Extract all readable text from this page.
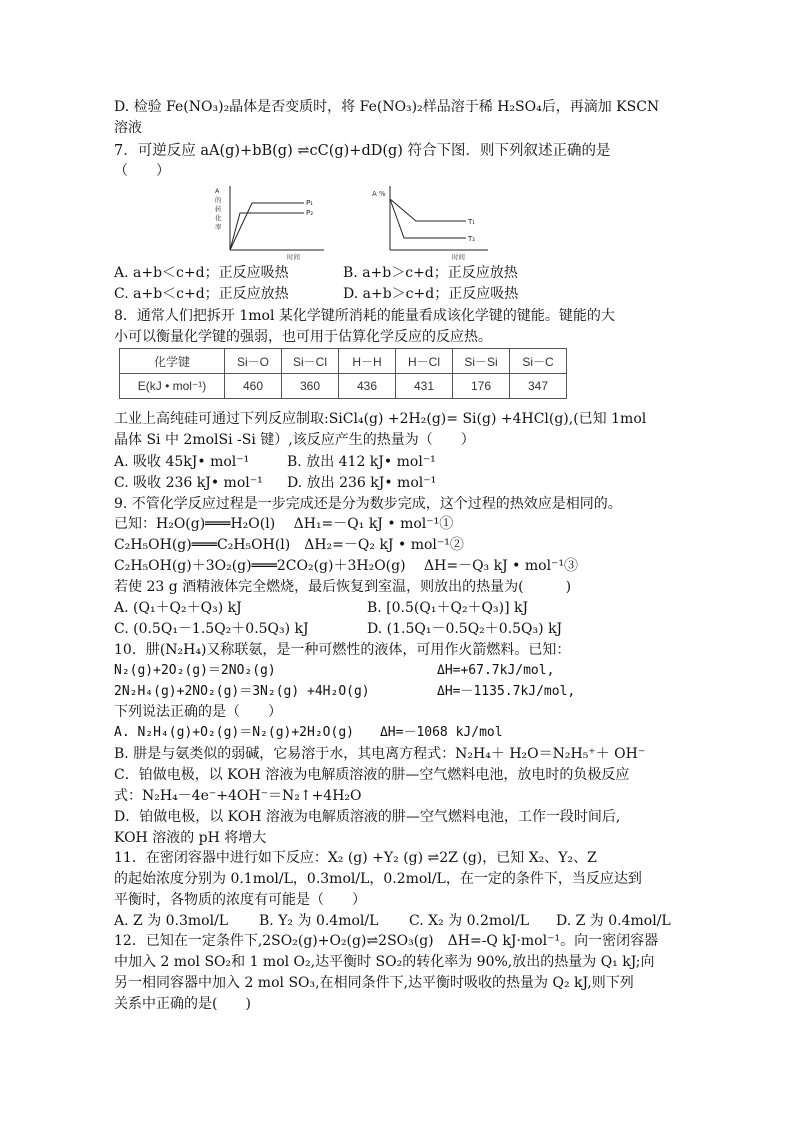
D. 检验 Fe(NO₃)₂晶体是否变质时，将 Fe(NO₃)₂样品溶于稀 H₂SO₄后，再滴加 KSCN
溶液
7．可逆反应 aA(g)+bB(g) ⇌cC(g)+dD(g) 符合下图．则下列叙述正确的是
（　　）
A
的
转
化
率
P₁
P₂
时间
A %
T₁
T₂
时间
A. a+b＜c+d；正反应吸热	B. a+b＞c+d；正反应放热
C. a+b＜c+d；正反应放热	D. a+b＞c+d；正反应吸热
8．通常人们把拆开 1mol 某化学键所消耗的能量看成该化学键的键能。键能的大
小可以衡量化学键的强弱，也可用于估算化学反应的反应热。
化学键	Si－O	Si－Cl	H－H	H－Cl	Si－Si	Si－C
E(kJ • mol⁻¹)	460	360	436	431	176	347
工业上高纯硅可通过下列反应制取:SiCl₄(g) +2H₂(g)= Si(g) +4HCl(g),(已知 1mol
晶体 Si 中 2molSi -Si 键）,该反应产生的热量为（　　）
A. 吸收 45kJ• mol⁻¹	B. 放出 412 kJ• mol⁻¹
C. 吸收 236 kJ• mol⁻¹ D. 放出 236 kJ• mol⁻¹
9. 不管化学反应过程是一步完成还是分为数步完成，这个过程的热效应是相同的。
已知：H₂O(g)═══H₂O(l)　 ΔH₁=－Q₁ kJ • mol⁻¹①
C₂H₅OH(g)═══C₂H₅OH(l)　ΔH₂=－Q₂ kJ • mol⁻¹②
C₂H₅OH(g)＋3O₂(g)═══2CO₂(g)＋3H₂O(g)　 ΔH=－Q₃ kJ • mol⁻¹③
若使 23 g 酒精液体完全燃烧，最后恢复到室温，则放出的热量为(　　　)
A. (Q₁＋Q₂＋Q₃) kJ	B. [0.5(Q₁＋Q₂＋Q₃)] kJ
C. (0.5Q₁－1.5Q₂＋0.5Q₃) kJ	D. (1.5Q₁－0.5Q₂＋0.5Q₃) kJ
10．肼(N₂H₄)又称联氨，是一种可燃性的液体，可用作火箭燃料。已知：
N₂(g)+2O₂(g)＝2NO₂(g)	ΔH=+67.7kJ/mol,
2N₂H₄(g)+2NO₂(g)＝3N₂(g) +4H₂O(g)	ΔH=－1135.7kJ/mol,
下列说法正确的是（　　）
A. N₂H₄(g)+O₂(g)＝N₂(g)+2H₂O(g)　　ΔH=－1068 kJ/mol
B. 肼是与氨类似的弱碱，它易溶于水，其电离方程式：N₂H₄＋ H₂O＝N₂H₅⁺＋ OH⁻
C．铂做电极，以 KOH 溶液为电解质溶液的肼—空气燃料电池，放电时的负极反应
式：N₂H₄－4e⁻+4OH⁻＝N₂↑+4H₂O
D．铂做电极，以 KOH 溶液为电解质溶液的肼—空气燃料电池，工作一段时间后,
KOH 溶液的 pH 将增大
11．在密闭容器中进行如下反应：X₂ (g) +Y₂ (g) ⇌2Z (g)，已知 X₂、Y₂、Z
的起始浓度分别为 0.1mol/L，0.3mol/L，0.2mol/L，在一定的条件下，当反应达到
平衡时，各物质的浓度有可能是（　　）
A. Z 为 0.3mol/L B. Y₂ 为 0.4mol/L C. X₂ 为 0.2mol/L D. Z 为 0.4mol/L
12．已知在一定条件下,2SO₂(g)+O₂(g)⇌2SO₃(g)　ΔH=-Q kJ·mol⁻¹。向一密闭容器
中加入 2 mol SO₂和 1 mol O₂,达平衡时 SO₂的转化率为 90%,放出的热量为 Q₁ kJ;向
另一相同容器中加入 2 mol SO₃,在相同条件下,达平衡时吸收的热量为 Q₂ kJ,则下列
关系中正确的是(　　)
